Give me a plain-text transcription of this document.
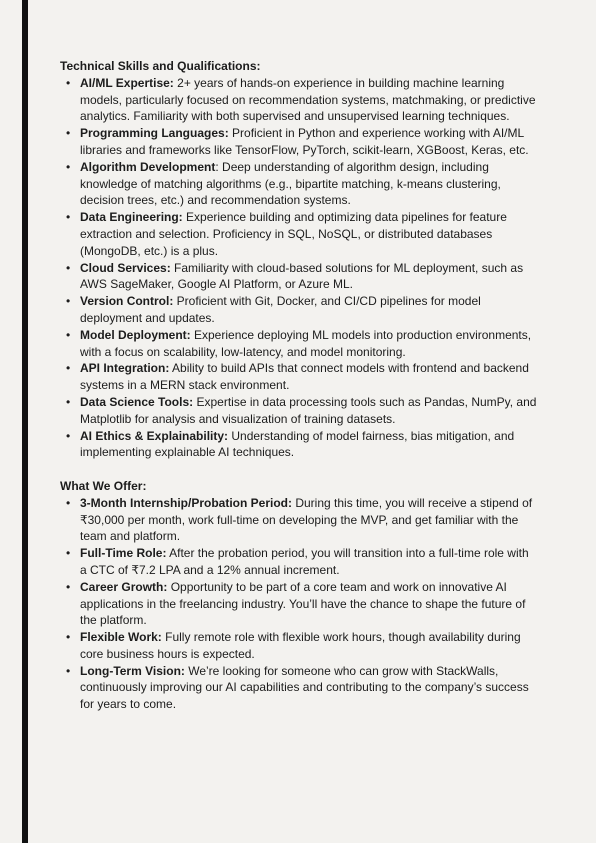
Technical Skills and Qualifications:
• AI/ML Expertise: 2+ years of hands-on experience in building machine learning models, particularly focused on recommendation systems, matchmaking, or predictive analytics. Familiarity with both supervised and unsupervised learning techniques.
• Programming Languages: Proficient in Python and experience working with AI/ML libraries and frameworks like TensorFlow, PyTorch, scikit-learn, XGBoost, Keras, etc.
• Algorithm Development: Deep understanding of algorithm design, including knowledge of matching algorithms (e.g., bipartite matching, k-means clustering, decision trees, etc.) and recommendation systems.
• Data Engineering: Experience building and optimizing data pipelines for feature extraction and selection. Proficiency in SQL, NoSQL, or distributed databases (MongoDB, etc.) is a plus.
• Cloud Services: Familiarity with cloud-based solutions for ML deployment, such as AWS SageMaker, Google AI Platform, or Azure ML.
• Version Control: Proficient with Git, Docker, and CI/CD pipelines for model deployment and updates.
• Model Deployment: Experience deploying ML models into production environments, with a focus on scalability, low-latency, and model monitoring.
• API Integration: Ability to build APIs that connect models with frontend and backend systems in a MERN stack environment.
• Data Science Tools: Expertise in data processing tools such as Pandas, NumPy, and Matplotlib for analysis and visualization of training datasets.
• AI Ethics & Explainability: Understanding of model fairness, bias mitigation, and implementing explainable AI techniques.
What We Offer:
• 3-Month Internship/Probation Period: During this time, you will receive a stipend of ₹30,000 per month, work full-time on developing the MVP, and get familiar with the team and platform.
• Full-Time Role: After the probation period, you will transition into a full-time role with a CTC of ₹7.2 LPA and a 12% annual increment.
• Career Growth: Opportunity to be part of a core team and work on innovative AI applications in the freelancing industry. You’ll have the chance to shape the future of the platform.
• Flexible Work: Fully remote role with flexible work hours, though availability during core business hours is expected.
• Long-Term Vision: We’re looking for someone who can grow with StackWalls, continuously improving our AI capabilities and contributing to the company’s success for years to come.
